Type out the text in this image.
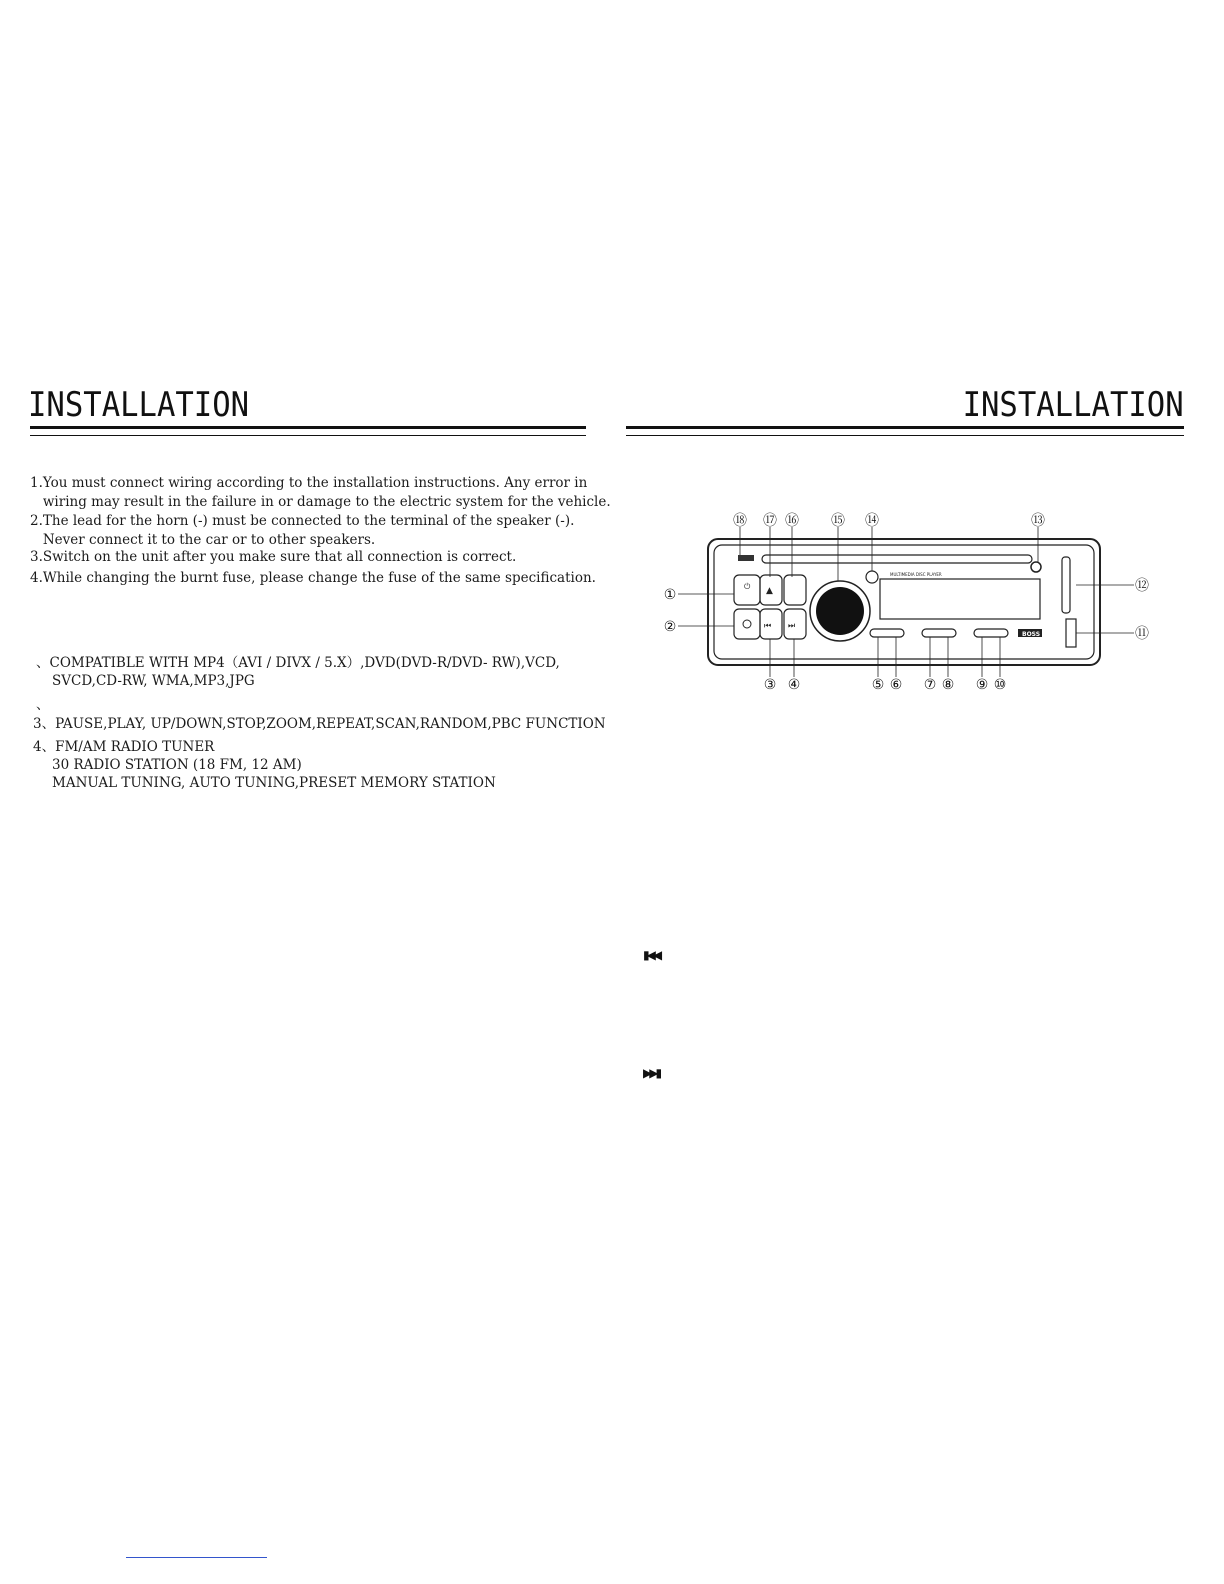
INSTALLATION	INSTALLATION
1.You must connect wiring according to the installation instructions. Any error in
wiring may result in the failure in or damage to the electric system for the vehicle.
2.The lead for the horn (-) must be connected to the terminal of the speaker (-).
Never connect it to the car or to other speakers.
3.Switch on the unit after you make sure that all connection is correct.
4.While changing the burnt fuse, please change the fuse of the same specification.
、COMPATIBLE WITH MP4（AVI / DIVX / 5.X）,DVD(DVD-R/DVD- RW),VCD,
SVCD,CD-RW, WMA,MP3,JPG
、
3、PAUSE,PLAY, UP/DOWN,STOP,ZOOM,REPEAT,SCAN,RANDOM,PBC FUNCTION
4、FM/AM RADIO TUNER
30 RADIO STATION (18 FM, 12 AM)
MANUAL TUNING, AUTO TUNING,PRESET MEMORY STATION
⏻ ▲
⏮ ⏭
MULTIMEDIA DISC PLAYER
BOSS
⑱ ⑰ ⑯ ⑮ ⑭	⑬
⑫
⑪
①
②
③ ④	⑤ ⑥ ⑦ ⑧ ⑨ ⑩
▮◀◀
▶▶▮
